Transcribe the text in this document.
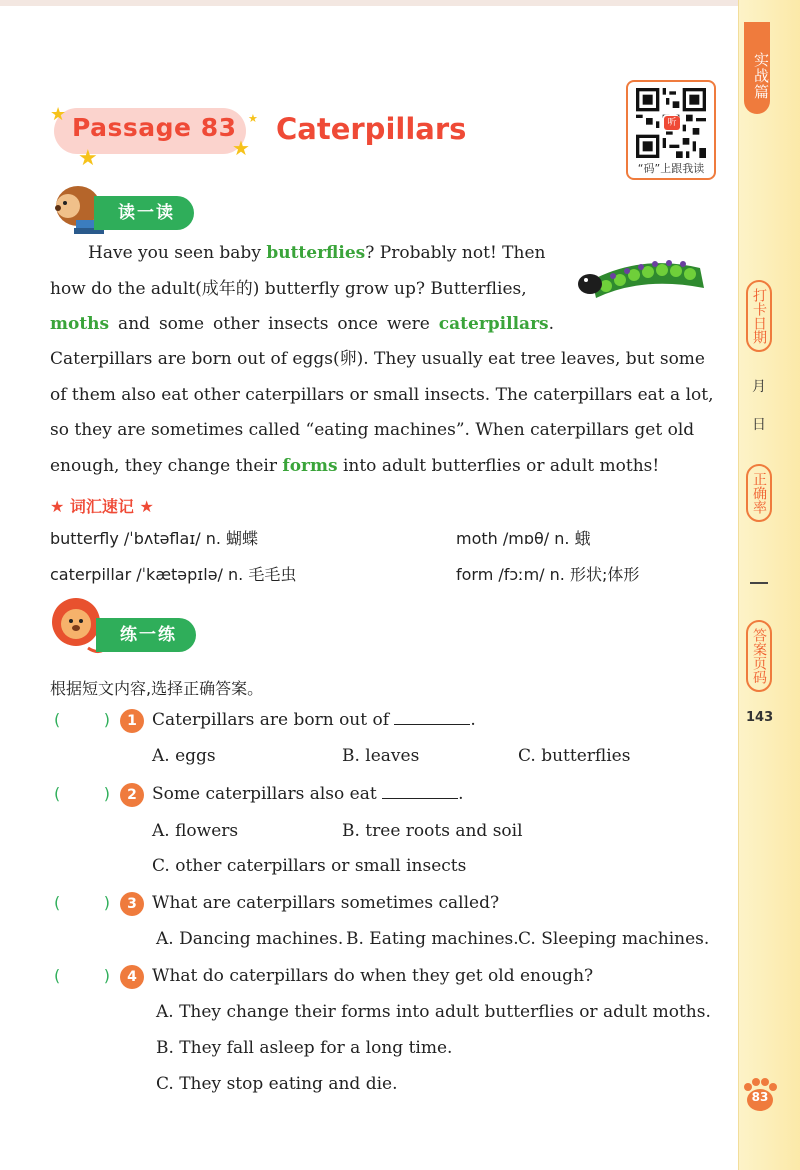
实战篇
打卡日期
月
日
正确率
答案页码
143
83
★
★	★
★
Passage 83 Caterpillars	听
“码”上跟我读
读一读
Have you seen baby butterflies? Probably not! Then
how do the adult(成年的) butterfly grow up? Butterflies,
moths and some other insects once were caterpillars.
Caterpillars are born out of eggs(卵). They usually eat tree leaves, but some
of them also eat other caterpillars or small insects. The caterpillars eat a lot,
so they are sometimes called “eating machines”. When caterpillars get old
enough, they change their forms into adult butterflies or adult moths!
★ 词汇速记 ★
butterfly /ˈbʌtəflaɪ/ n. 蝴蝶	moth /mɒθ/ n. 蛾
caterpillar /ˈkætəpɪlə/ n. 毛毛虫	form /fɔːm/ n. 形状;体形
练一练
根据短文内容,选择正确答案。
(	)	1 Caterpillars are born out of	.
A. eggs	B. leaves	C. butterflies
(	)	2 Some caterpillars also eat	.
A. flowers	B. tree roots and soil
C. other caterpillars or small insects
(	)	3 What are caterpillars sometimes called?
A. Dancing machines. B. Eating machines. C. Sleeping machines.
(	)	4 What do caterpillars do when they get old enough?
A. They change their forms into adult butterflies or adult moths.
B. They fall asleep for a long time.
C. They stop eating and die.
